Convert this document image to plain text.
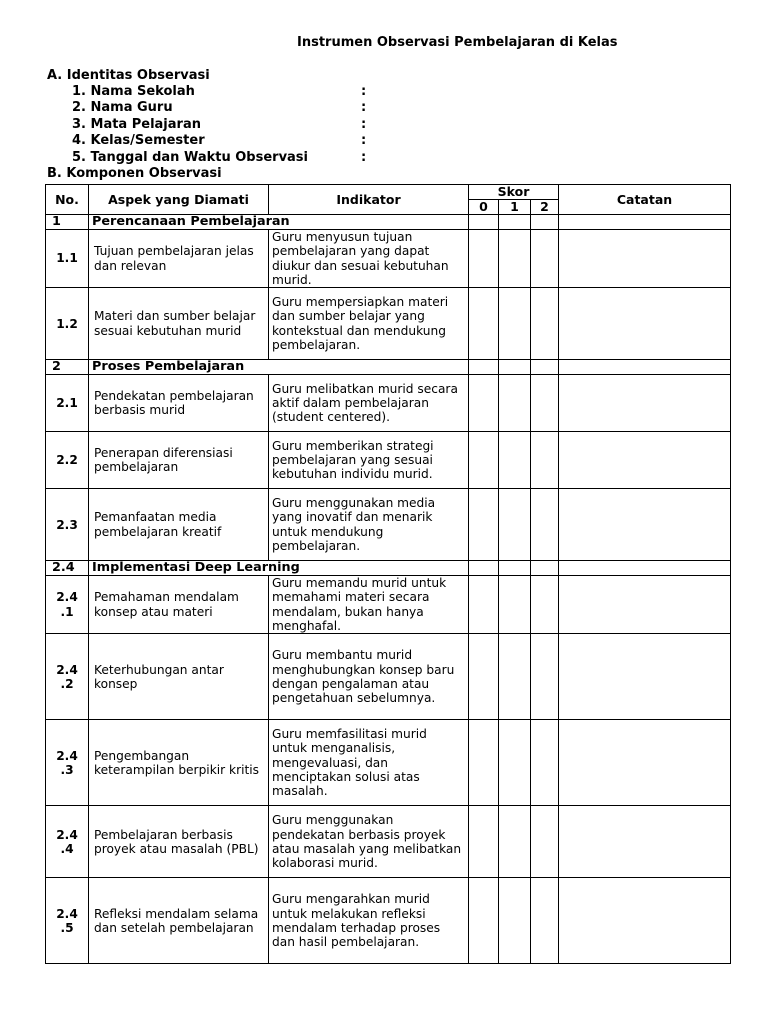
Instrumen Observasi Pembelajaran di Kelas
A. Identitas Observasi
1. Nama Sekolah	:
2. Nama Guru	:
3. Mata Pelajaran	:
4. Kelas/Semester	:
5. Tanggal dan Waktu Observasi	:
B. Komponen Observasi
No.	Aspek yang Diamati	Indikator	Skor			Catatan
			0	1	2	
1	Perencanaan Pembelajaran					
1.1	Tujuan pembelajaran jelas dan relevan	Guru menyusun tujuan pembelajaran yang dapat diukur dan sesuai kebutuhan murid.				
1.2	Materi dan sumber belajar sesuai kebutuhan murid	Guru mempersiapkan materi dan sumber belajar yang kontekstual dan mendukung pembelajaran.				
2	Proses Pembelajaran					
2.1	Pendekatan pembelajaran berbasis murid	Guru melibatkan murid secara aktif dalam pembelajaran (student centered).				
2.2	Penerapan diferensiasi pembelajaran	Guru memberikan strategi pembelajaran yang sesuai kebutuhan individu murid.				
2.3	Pemanfaatan media pembelajaran kreatif	Guru menggunakan media yang inovatif dan menarik untuk mendukung pembelajaran.				
2.4	Implementasi Deep Learning					
2.4 .1	Pemahaman mendalam konsep atau materi	Guru memandu murid untuk memahami materi secara mendalam, bukan hanya menghafal.				
2.4 .2	Keterhubungan antar konsep	Guru membantu murid menghubungkan konsep baru dengan pengalaman atau pengetahuan sebelumnya.				
2.4 .3	Pengembangan keterampilan berpikir kritis	Guru memfasilitasi murid untuk menganalisis, mengevaluasi, dan menciptakan solusi atas masalah.				
2.4 .4	Pembelajaran berbasis proyek atau masalah (PBL)	Guru menggunakan pendekatan berbasis proyek atau masalah yang melibatkan kolaborasi murid.				
2.4 .5	Refleksi mendalam selama dan setelah pembelajaran	Guru mengarahkan murid untuk melakukan refleksi mendalam terhadap proses dan hasil pembelajaran.				
